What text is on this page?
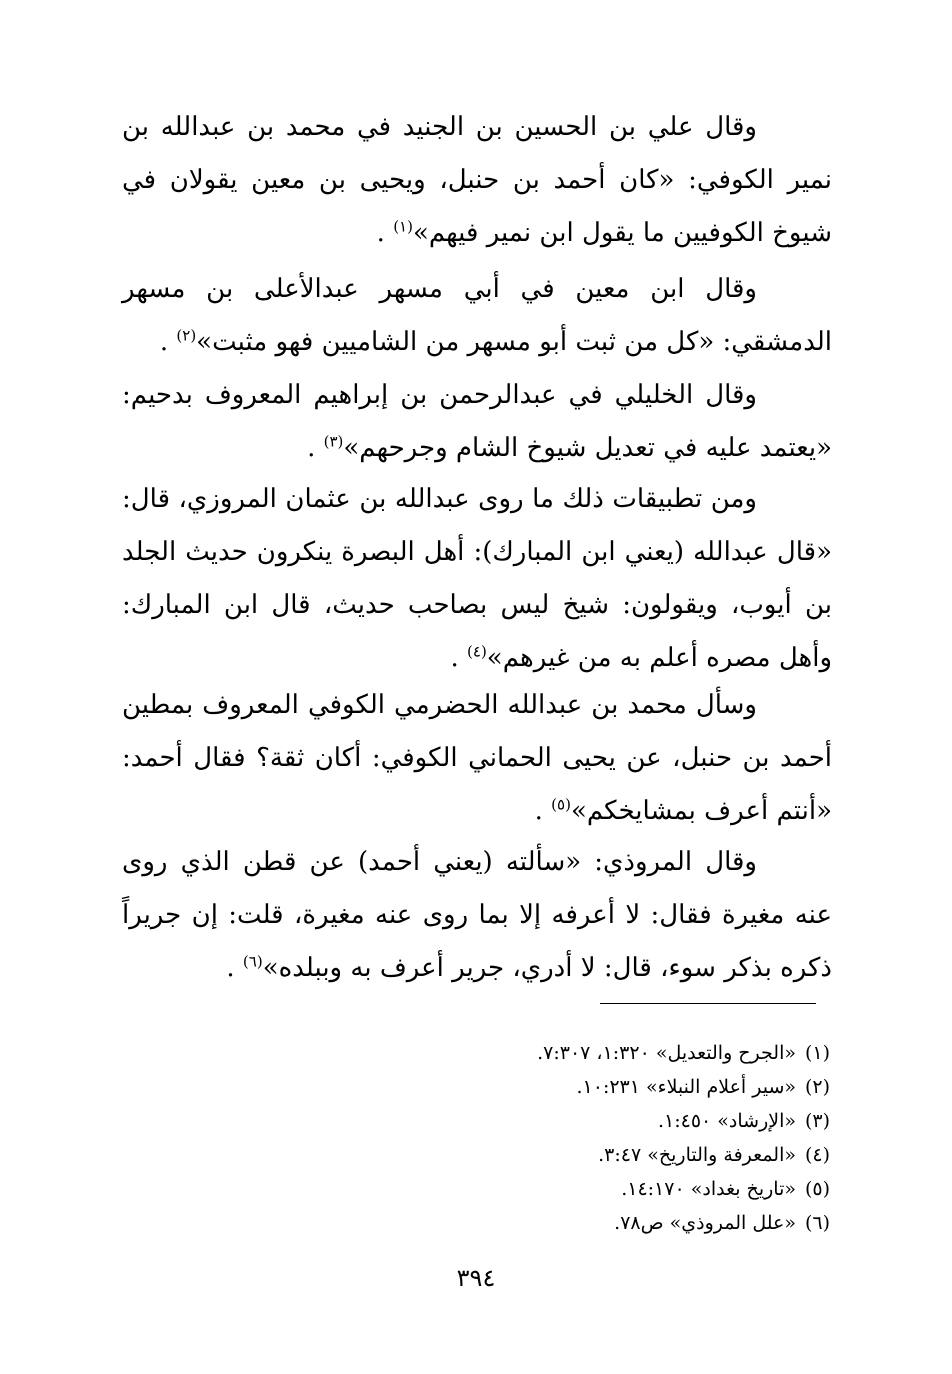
وقال علي بن الحسين بن الجنيد في محمد بن عبدالله بن نمير الكوفي: «كان أحمد بن حنبل، ويحيى بن معين يقولان في شيوخ الكوفيين ما يقول ابن نمير فيهم»$^{(١)}$ .

وقال ابن معين في أبي مسهر عبدالأعلى بن مسهر الدمشقي: «كل من ثبت أبو مسهر من الشاميين فهو مثبت»$^{(٢)}$ .

وقال الخليلي في عبدالرحمن بن إبراهيم المعروف بدحيم: «يعتمد عليه في تعديل شيوخ الشام وجرحهم»$^{(٣)}$ .

ومن تطبيقات ذلك ما روى عبدالله بن عثمان المروزي، قال: «قال عبدالله (يعني ابن المبارك): أهل البصرة ينكرون حديث الجلد بن أيوب، ويقولون: شيخ ليس بصاحب حديث، قال ابن المبارك: وأهل مصره أعلم به من غيرهم»$^{(٤)}$ .

وسأل محمد بن عبدالله الحضرمي الكوفي المعروف بمطين أحمد بن حنبل، عن يحيى الحماني الكوفي: أكان ثقة؟ فقال أحمد: «أنتم أعرف بمشايخكم»$^{(٥)}$ .

وقال المروذي: «سألته (يعني أحمد) عن قطن الذي روى عنه مغيرة فقال: لا أعرفه إلا بما روى عنه مغيرة، قلت: إن جريراً ذكره بذكر سوء، قال: لا أدري، جرير أعرف به وببلده»$^{(٦)}$ .

(١)«الجرح والتعديل» ١:٣٢٠، ٧:٣٠٧.
(٢)«سير أعلام النبلاء» ١٠:٢٣١.
(٣)«الإرشاد» ١:٤٥٠.
(٤)«المعرفة والتاريخ» ٣:٤٧.
(٥)«تاريخ بغداد» ١٤:١٧٠.
(٦)«علل المروذي» ص٧٨.
٣٩٤
